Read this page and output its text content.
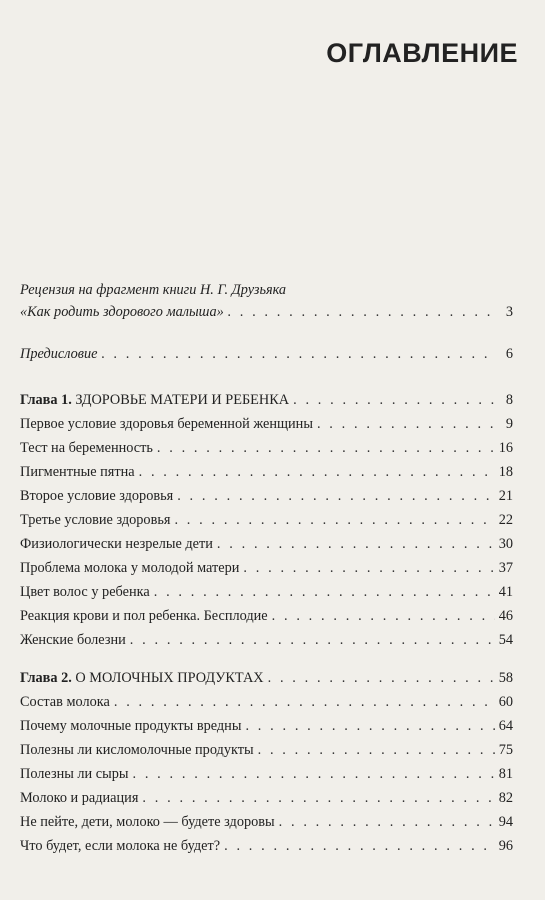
ОГЛАВЛЕНИЕ
Рецензия на фрагмент книги Н. Г. Друзьяка
«Как родить здорового малыша» . . .	3
Предисловие . . .	6
Глава 1. ЗДОРОВЬЕ МАТЕРИ И РЕБЕНКА . . .	8
Первое условие здоровья беременной женщины . . .	9
Тест на беременность . . .	16
Пигментные пятна . . .	18
Второе условие здоровья . . .	21
Третье условие здоровья . . .	22
Физиологически незрелые дети . . .	30
Проблема молока у молодой матери . . .	37
Цвет волос у ребенка . . .	41
Реакция крови и пол ребенка. Бесплодие . . .	46
Женские болезни . . .	54
Глава 2. О МОЛОЧНЫХ ПРОДУКТАХ . . .	58
Состав молока . . .	60
Почему молочные продукты вредны . . .	64
Полезны ли кисломолочные продукты . . .	75
Полезны ли сыры . . .	81
Молоко и радиация . . .	82
Не пейте, дети, молоко — будете здоровы . . .	94
Что будет, если молока не будет? . . .	96
